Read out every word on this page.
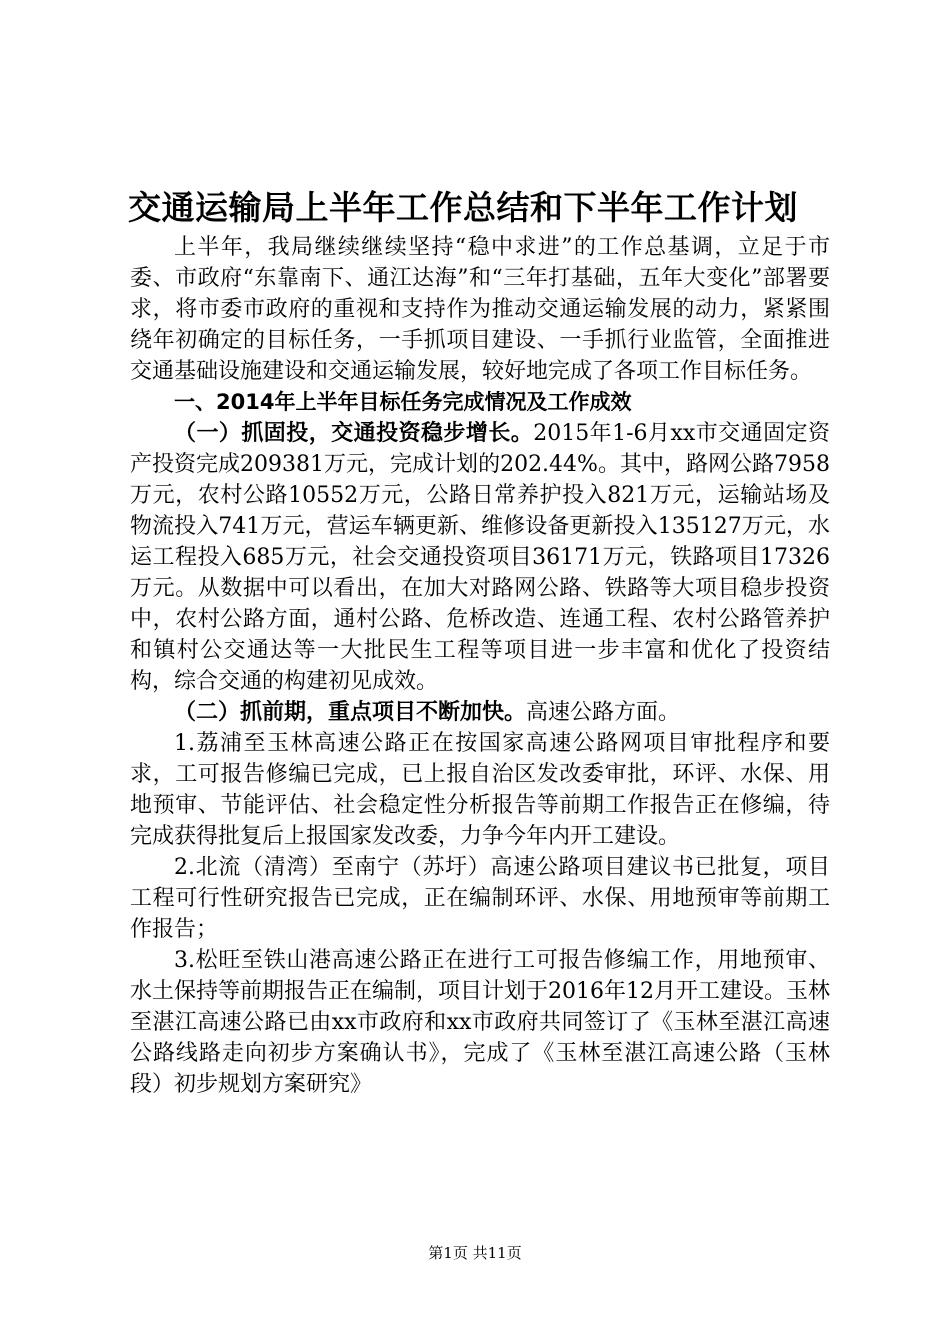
交通运输局上半年工作总结和下半年工作计划

上半年，我局继续继续坚持“稳中求进”的工作总基调，立足于市委、市政府“东靠南下、通江达海”和“三年打基础，五年大变化”部署要求，将市委市政府的重视和支持作为推动交通运输发展的动力，紧紧围绕年初确定的目标任务，一手抓项目建设、一手抓行业监管，全面推进交通基础设施建设和交通运输发展，较好地完成了各项工作目标任务。

一、2014年上半年目标任务完成情况及工作成效

（一）抓固投，交通投资稳步增长。2015年1-6月xx市交通固定资产投资完成209381万元，完成计划的202.44%。其中，路网公路7958万元，农村公路10552万元，公路日常养护投入821万元，运输站场及物流投入741万元，营运车辆更新、维修设备更新投入135127万元，水运工程投入685万元，社会交通投资项目36171万元，铁路项目17326万元。从数据中可以看出，在加大对路网公路、铁路等大项目稳步投资中，农村公路方面，通村公路、危桥改造、连通工程、农村公路管养护和镇村公交通达等一大批民生工程等项目进一步丰富和优化了投资结构，综合交通的构建初见成效。

（二）抓前期，重点项目不断加快。高速公路方面。

1.荔浦至玉林高速公路正在按国家高速公路网项目审批程序和要求，工可报告修编已完成，已上报自治区发改委审批，环评、水保、用地预审、节能评估、社会稳定性分析报告等前期工作报告正在修编，待完成获得批复后上报国家发改委，力争今年内开工建设。

2.北流（清湾）至南宁（苏圩）高速公路项目建议书已批复，项目工程可行性研究报告已完成，正在编制环评、水保、用地预审等前期工作报告；

3.松旺至铁山港高速公路正在进行工可报告修编工作，用地预审、水土保持等前期报告正在编制，项目计划于2016年12月开工建设。玉林至湛江高速公路已由xx市政府和xx市政府共同签订了《玉林至湛江高速公路线路走向初步方案确认书》，完成了《玉林至湛江高速公路（玉林段）初步规划方案研究》

第1页 共11页
